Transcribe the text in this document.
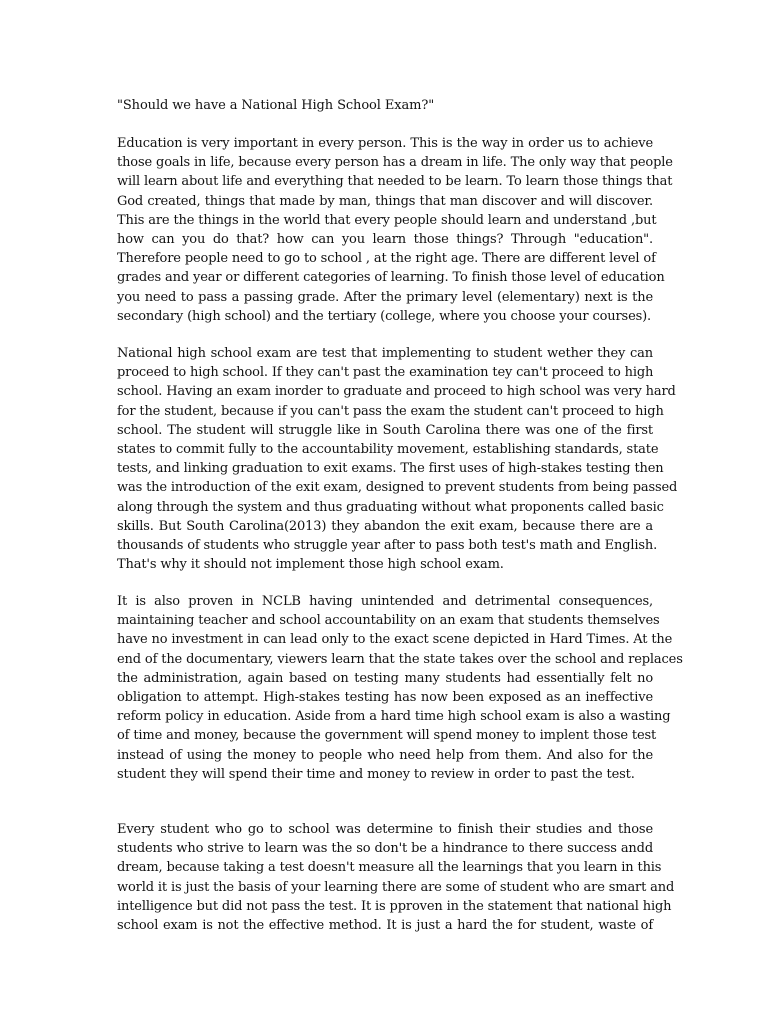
"Should we have a National High School Exam?"
Education is very important in every person. This is the way in order us to achieve
those goals in life, because every person has a dream in life. The only way that people
will learn about life and everything that needed to be learn. To learn those things that
God created, things that made by man, things that man discover and will discover.
This are the things in the world that every people should learn and understand ,but
how can you do that? how can you learn those things? Through "education".
Therefore people need to go to school , at the right age. There are different level of
grades and year or different categories of learning. To finish those level of education
you need to pass a passing grade. After the primary level (elementary) next is the
secondary (high school) and the tertiary (college, where you choose your courses).
National high school exam are test that implementing to student wether they can
proceed to high school. If they can't past the examination tey can't proceed to high
school. Having an exam inorder to graduate and proceed to high school was very hard
for the student, because if you can't pass the exam the student can't proceed to high
school. The student will struggle like in South Carolina there was one of the first
states to commit fully to the accountability movement, establishing standards, state
tests, and linking graduation to exit exams. The first uses of high-stakes testing then
was the introduction of the exit exam, designed to prevent students from being passed
along through the system and thus graduating without what proponents called basic
skills. But South Carolina(2013) they abandon the exit exam, because there are a
thousands of students who struggle year after to pass both test's math and English.
That's why it should not implement those high school exam.
It is also proven in NCLB having unintended and detrimental consequences,
maintaining teacher and school accountability on an exam that students themselves
have no investment in can lead only to the exact scene depicted in Hard Times. At the
end of the documentary, viewers learn that the state takes over the school and replaces
the administration, again based on testing many students had essentially felt no
obligation to attempt. High-stakes testing has now been exposed as an ineffective
reform policy in education. Aside from a hard time high school exam is also a wasting
of time and money, because the government will spend money to implent those test
instead of using the money to people who need help from them. And also for the
student they will spend their time and money to review in order to past the test.
Every student who go to school was determine to finish their studies and those
students who strive to learn was the so don't be a hindrance to there success andd
dream, because taking a test doesn't measure all the learnings that you learn in this
world it is just the basis of your learning there are some of student who are smart and
intelligence but did not pass the test. It is pproven in the statement that national high
school exam is not the effective method. It is just a hard the for student, waste of
